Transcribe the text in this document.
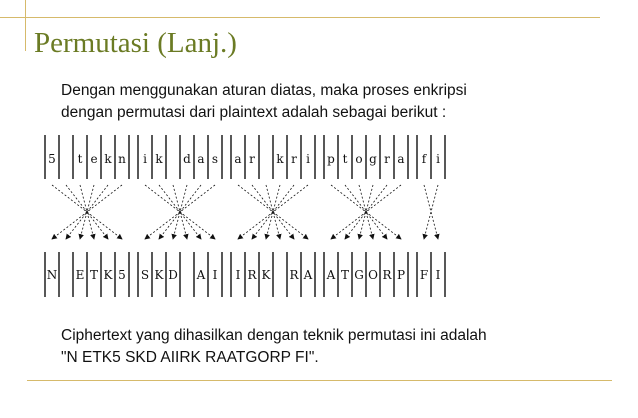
Permutasi (Lanj.)

Dengan menggunakan aturan diatas, maka proses enkripsi
dengan permutasi dari plaintext adalah sebagai berikut :

5 t e k n
N E T K 5
i k d a s
S K D A I
a r k r i
I R K R A
p t o g r a
A T G O R P
f i
F I

Ciphertext yang dihasilkan dengan teknik permutasi ini adalah
"N ETK5 SKD AIIRK RAATGORP FI".
